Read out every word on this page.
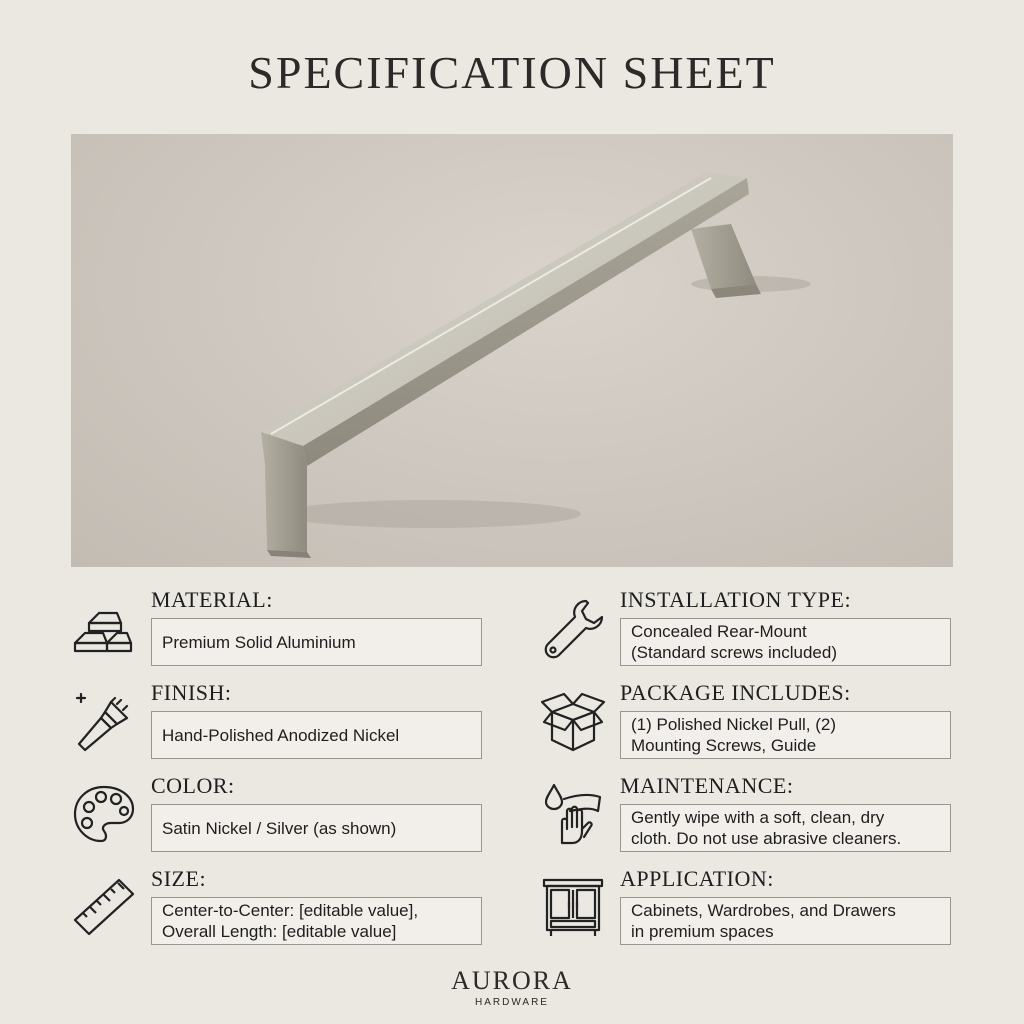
SPECIFICATION SHEET
MATERIAL:
Premium Solid Aluminium
FINISH:
Hand-Polished Anodized Nickel
COLOR:
Satin Nickel / Silver (as shown)
SIZE:
Center-to-Center: [editable value],
Overall Length: [editable value]
INSTALLATION TYPE:
Concealed Rear-Mount
(Standard screws included)
PACKAGE INCLUDES:
(1) Polished Nickel Pull, (2)
Mounting Screws, Guide
MAINTENANCE:
Gently wipe with a soft, clean, dry
cloth. Do not use abrasive cleaners.
APPLICATION:
Cabinets, Wardrobes, and Drawers
in premium spaces
AURORA
HARDWARE
